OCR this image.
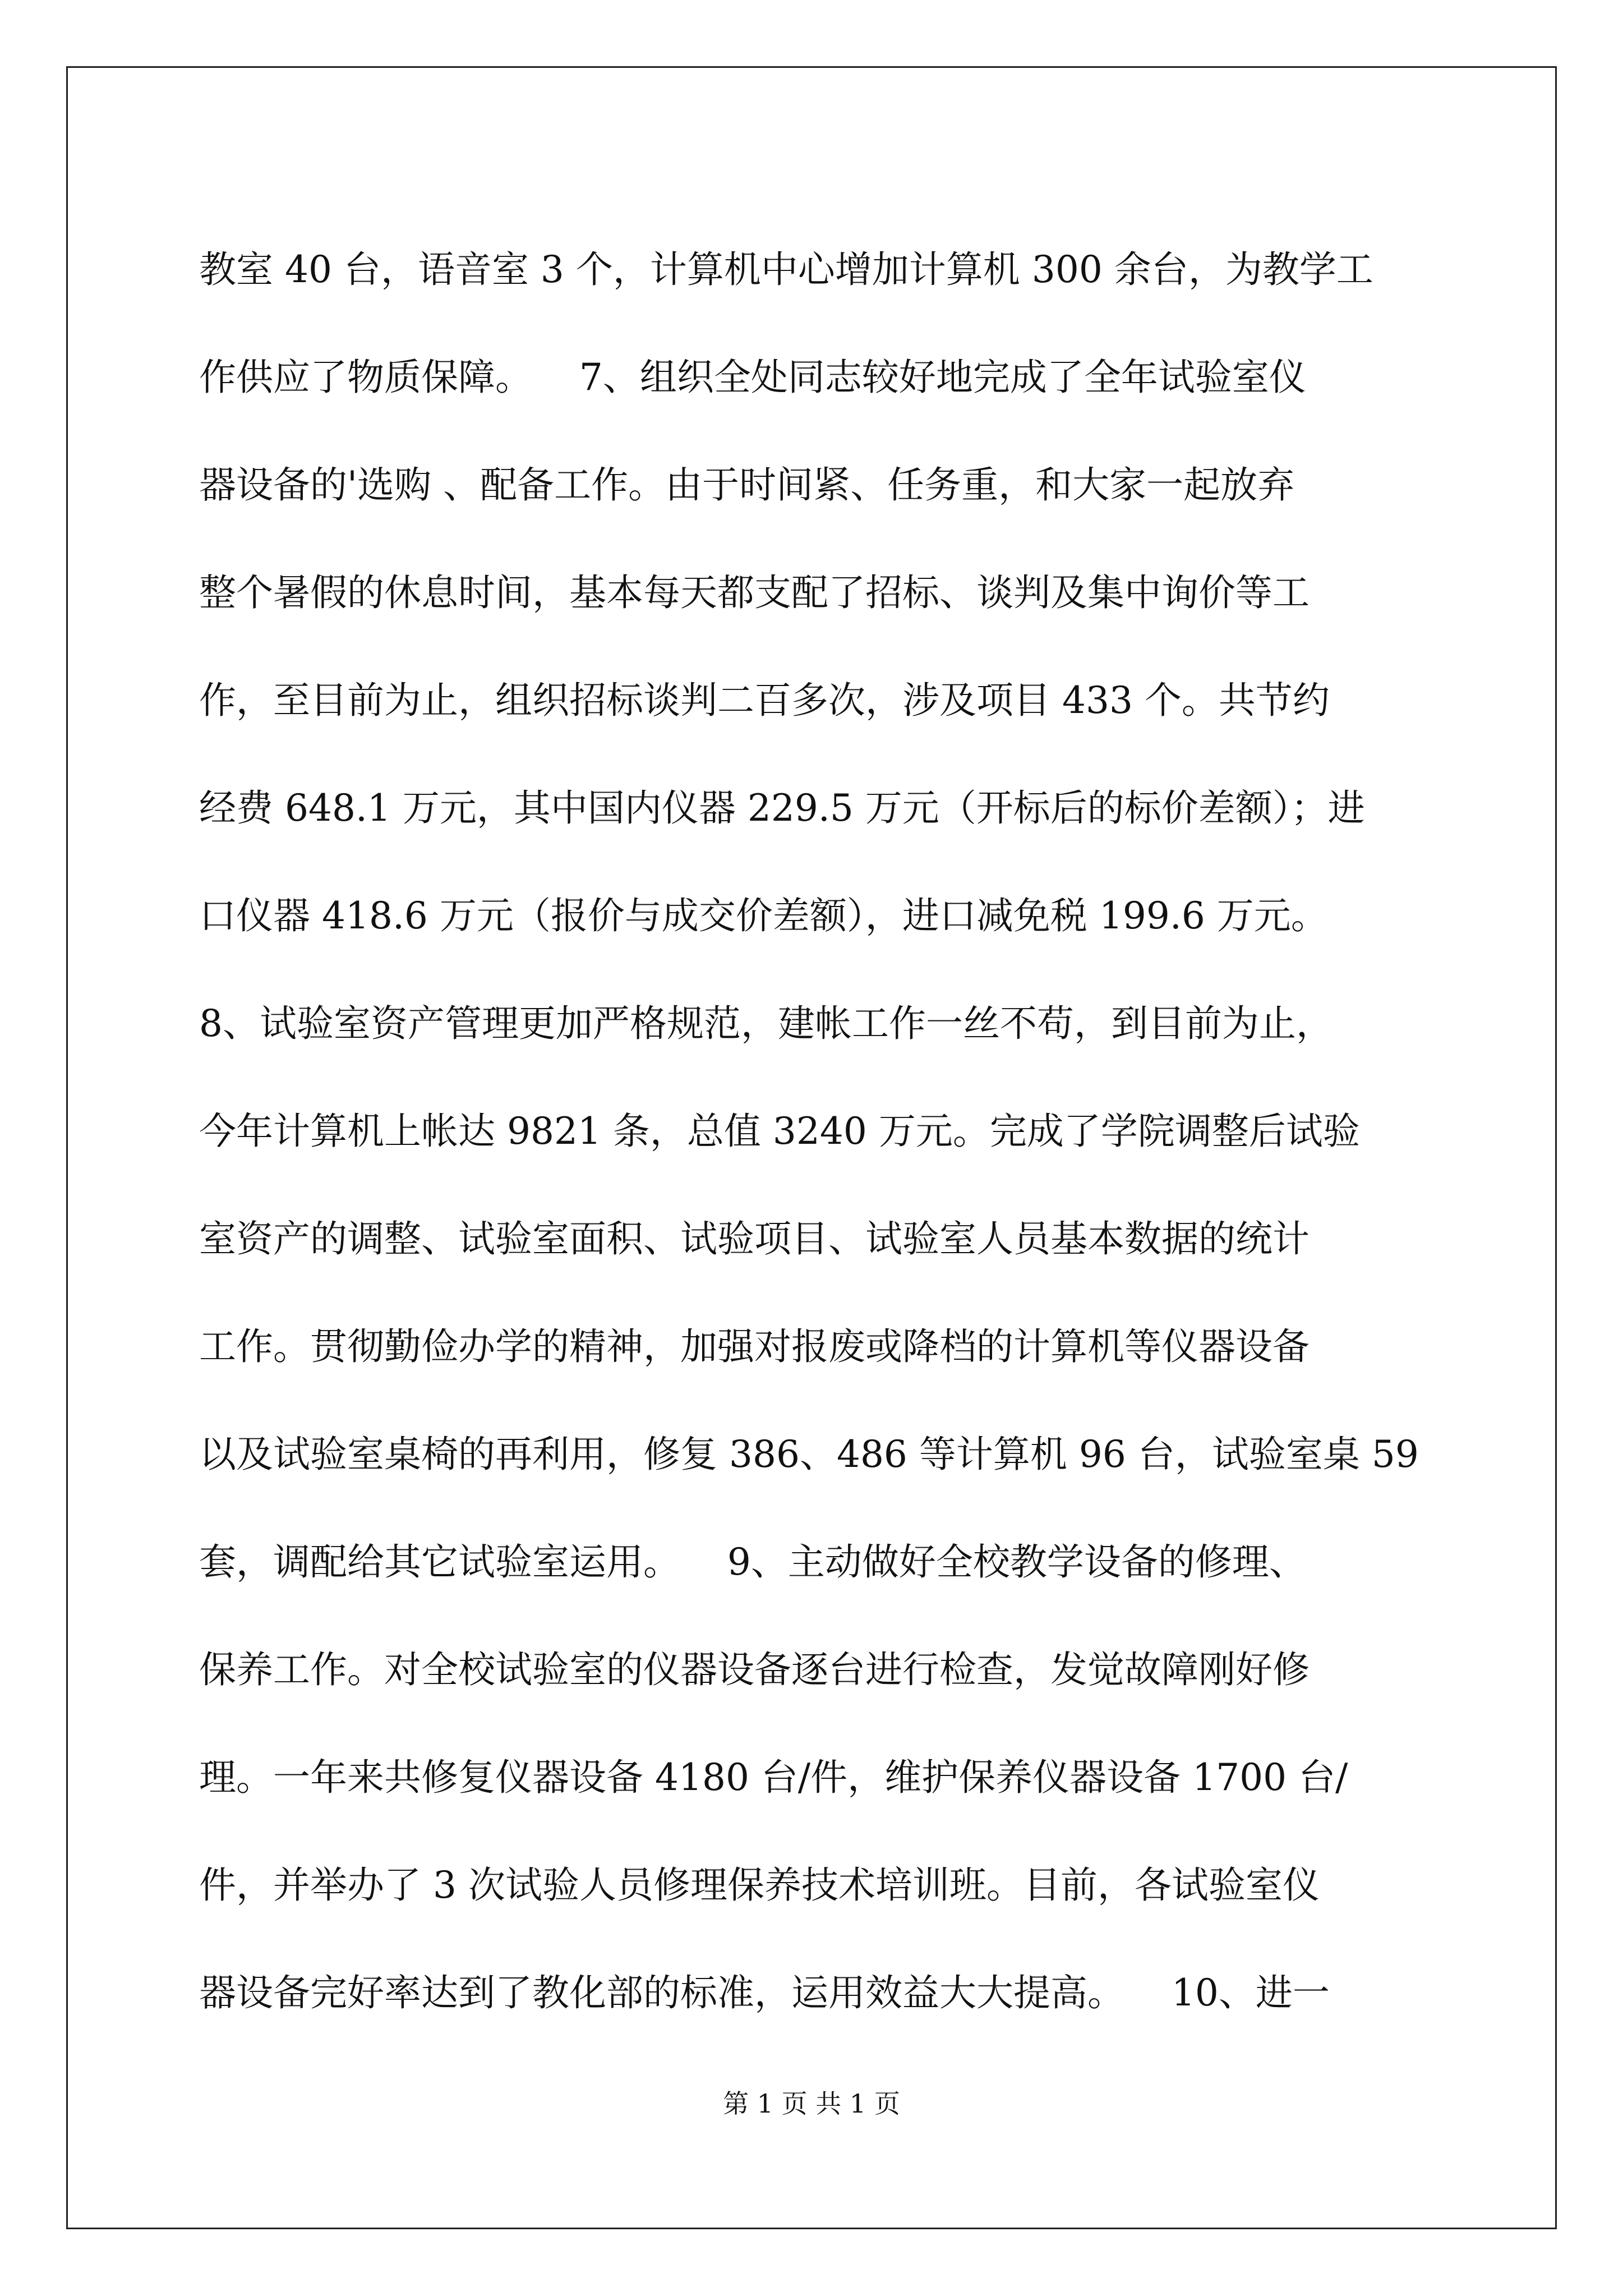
教室 40 台，语音室 3 个，计算机中心增加计算机 300 余台，为教学工
作供应了物质保障。    7、组织全处同志较好地完成了全年试验室仪
器设备的'选购 、配备工作。由于时间紧、任务重，和大家一起放弃
整个暑假的休息时间，基本每天都支配了招标、谈判及集中询价等工
作，至目前为止，组织招标谈判二百多次，涉及项目 433 个。共节约
经费 648.1 万元，其中国内仪器 229.5 万元（开标后的标价差额）；进
口仪器 418.6 万元（报价与成交价差额），进口减免税 199.6 万元。
8、试验室资产管理更加严格规范，建帐工作一丝不苟，到目前为止，
今年计算机上帐达 9821 条，总值 3240 万元。完成了学院调整后试验
室资产的调整、试验室面积、试验项目、试验室人员基本数据的统计
工作。贯彻勤俭办学的精神，加强对报废或降档的计算机等仪器设备
以及试验室桌椅的再利用，修复 386、486 等计算机 96 台，试验室桌 59
套，调配给其它试验室运用。    9、主动做好全校教学设备的修理、
保养工作。对全校试验室的仪器设备逐台进行检查，发觉故障刚好修
理。一年来共修复仪器设备 4180 台/件，维护保养仪器设备 1700 台/
件，并举办了 3 次试验人员修理保养技术培训班。目前，各试验室仪
器设备完好率达到了教化部的标准，运用效益大大提高。    10、进一
第 1 页 共 1 页
